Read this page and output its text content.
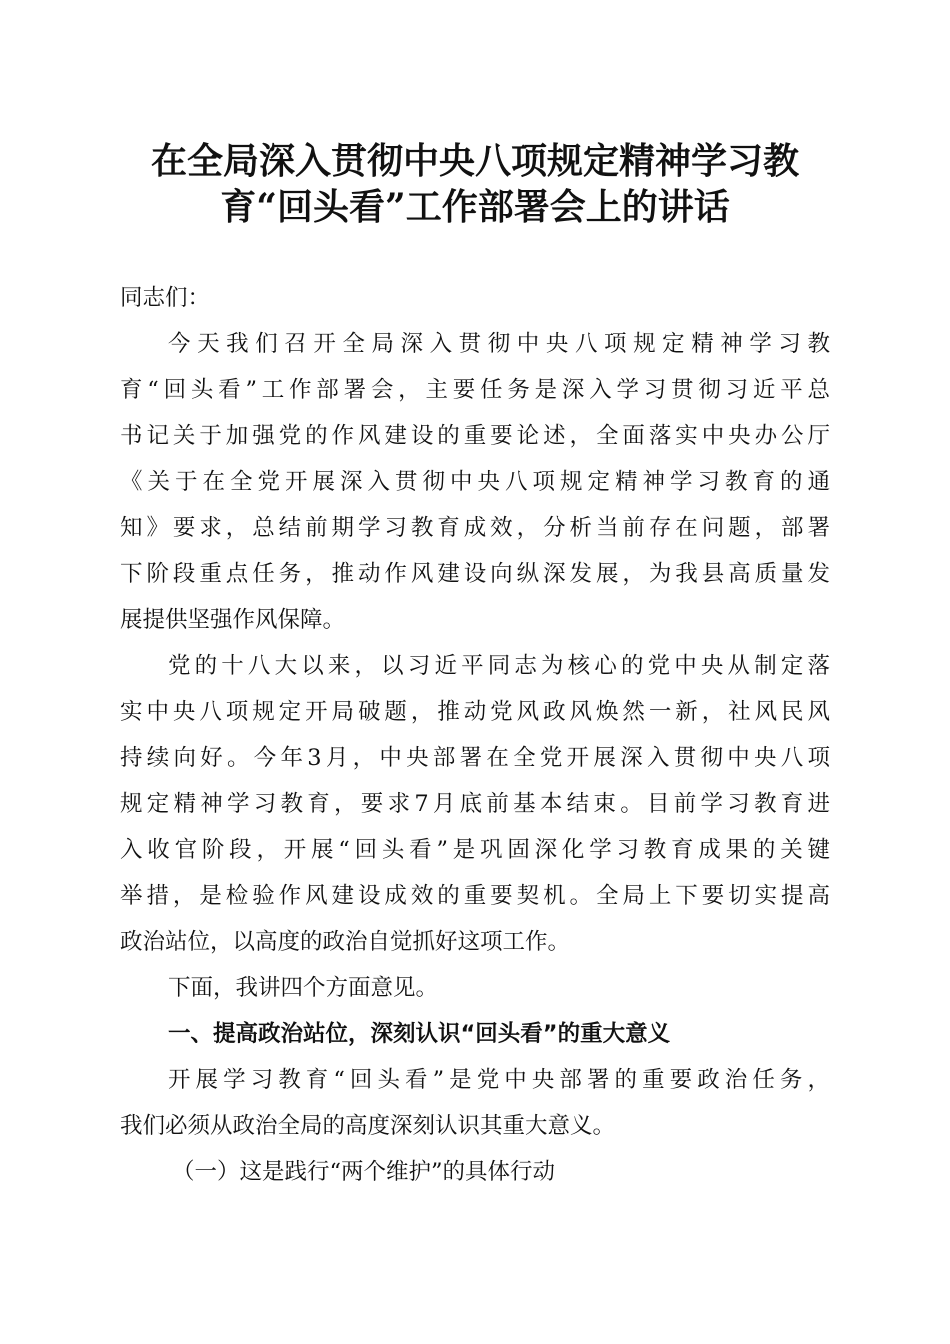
在全局深入贯彻中央八项规定精神学习教
育“回头看”工作部署会上的讲话

同志们：

今天我们召开全局深入贯彻中央八项规定精神学习教

育“回头看”工作部署会，主要任务是深入学习贯彻习近平总

书记关于加强党的作风建设的重要论述，全面落实中央办公厅

《关于在全党开展深入贯彻中央八项规定精神学习教育的通

知》要求，总结前期学习教育成效，分析当前存在问题，部署

下阶段重点任务，推动作风建设向纵深发展，为我县高质量发

展提供坚强作风保障。

党的十八大以来，以习近平同志为核心的党中央从制定落

实中央八项规定开局破题，推动党风政风焕然一新，社风民风

持续向好。今年3月，中央部署在全党开展深入贯彻中央八项

规定精神学习教育，要求7月底前基本结束。目前学习教育进

入收官阶段，开展“回头看”是巩固深化学习教育成果的关键

举措，是检验作风建设成效的重要契机。全局上下要切实提高

政治站位，以高度的政治自觉抓好这项工作。

下面，我讲四个方面意见。

一、提高政治站位，深刻认识“回头看”的重大意义

开展学习教育“回头看”是党中央部署的重要政治任务，

我们必须从政治全局的高度深刻认识其重大意义。

（一）这是践行“两个维护”的具体行动
